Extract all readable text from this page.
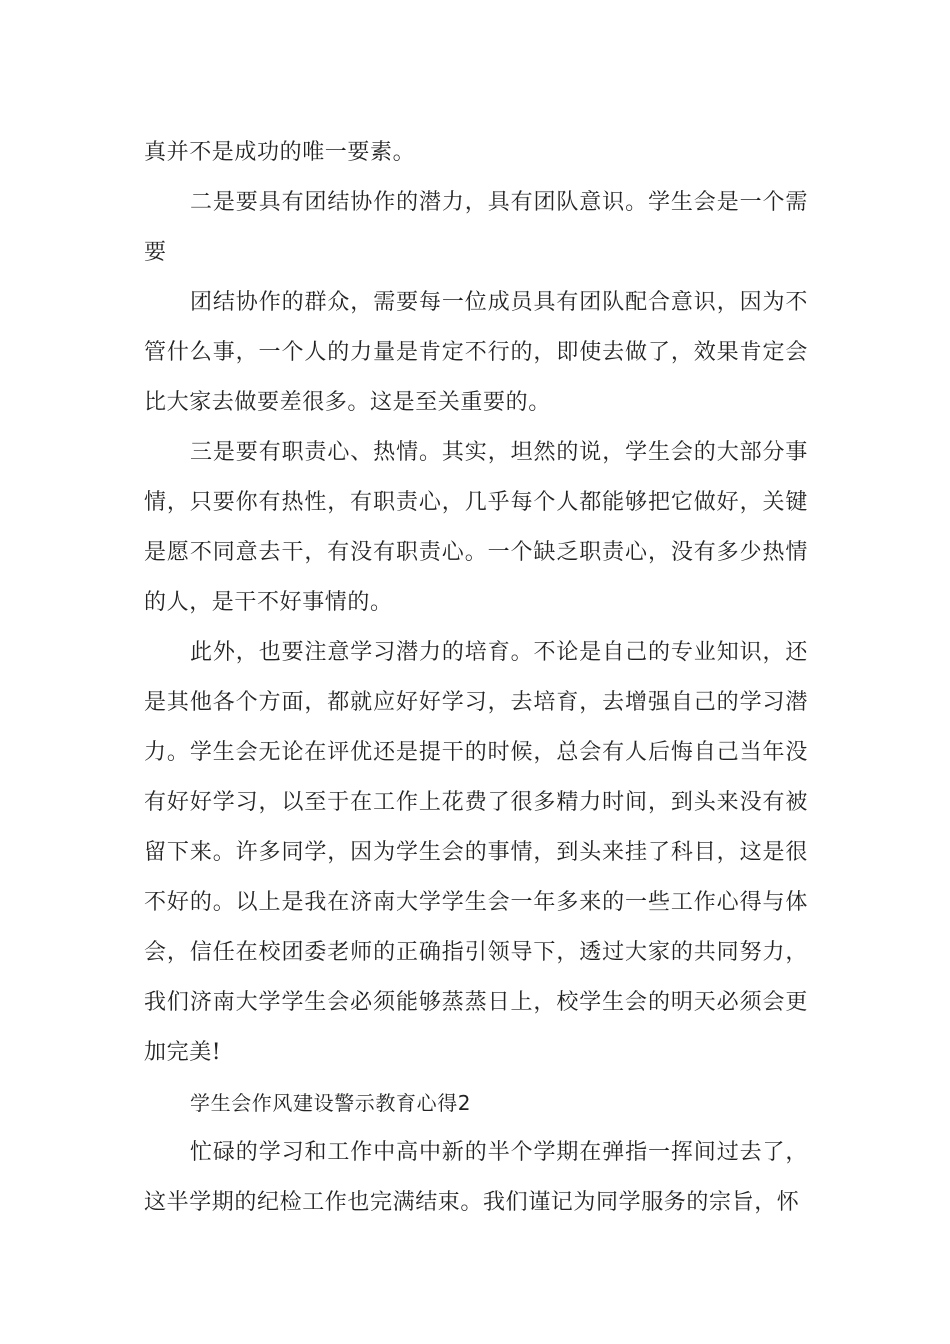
真并不是成功的唯一要素。

二是要具有团结协作的潜力，具有团队意识。学生会是一个需要

团结协作的群众，需要每一位成员具有团队配合意识，因为不管什么事，一个人的力量是肯定不行的，即使去做了，效果肯定会比大家去做要差很多。这是至关重要的。

三是要有职责心、热情。其实，坦然的说，学生会的大部分事情，只要你有热性，有职责心，几乎每个人都能够把它做好，关键是愿不同意去干，有没有职责心。一个缺乏职责心，没有多少热情的人，是干不好事情的。

此外，也要注意学习潜力的培育。不论是自己的专业知识，还是其他各个方面，都就应好好学习，去培育，去增强自己的学习潜力。学生会无论在评优还是提干的时候，总会有人后悔自己当年没有好好学习，以至于在工作上花费了很多精力时间，到头来没有被留下来。许多同学，因为学生会的事情，到头来挂了科目，这是很不好的。以上是我在济南大学学生会一年多来的一些工作心得与体会，信任在校团委老师的正确指引领导下，透过大家的共同努力，我们济南大学学生会必须能够蒸蒸日上，校学生会的明天必须会更加完美!

学生会作风建设警示教育心得2

忙碌的学习和工作中高中新的半个学期在弹指一挥间过去了，这半学期的纪检工作也完满结束。我们谨记为同学服务的宗旨，怀
